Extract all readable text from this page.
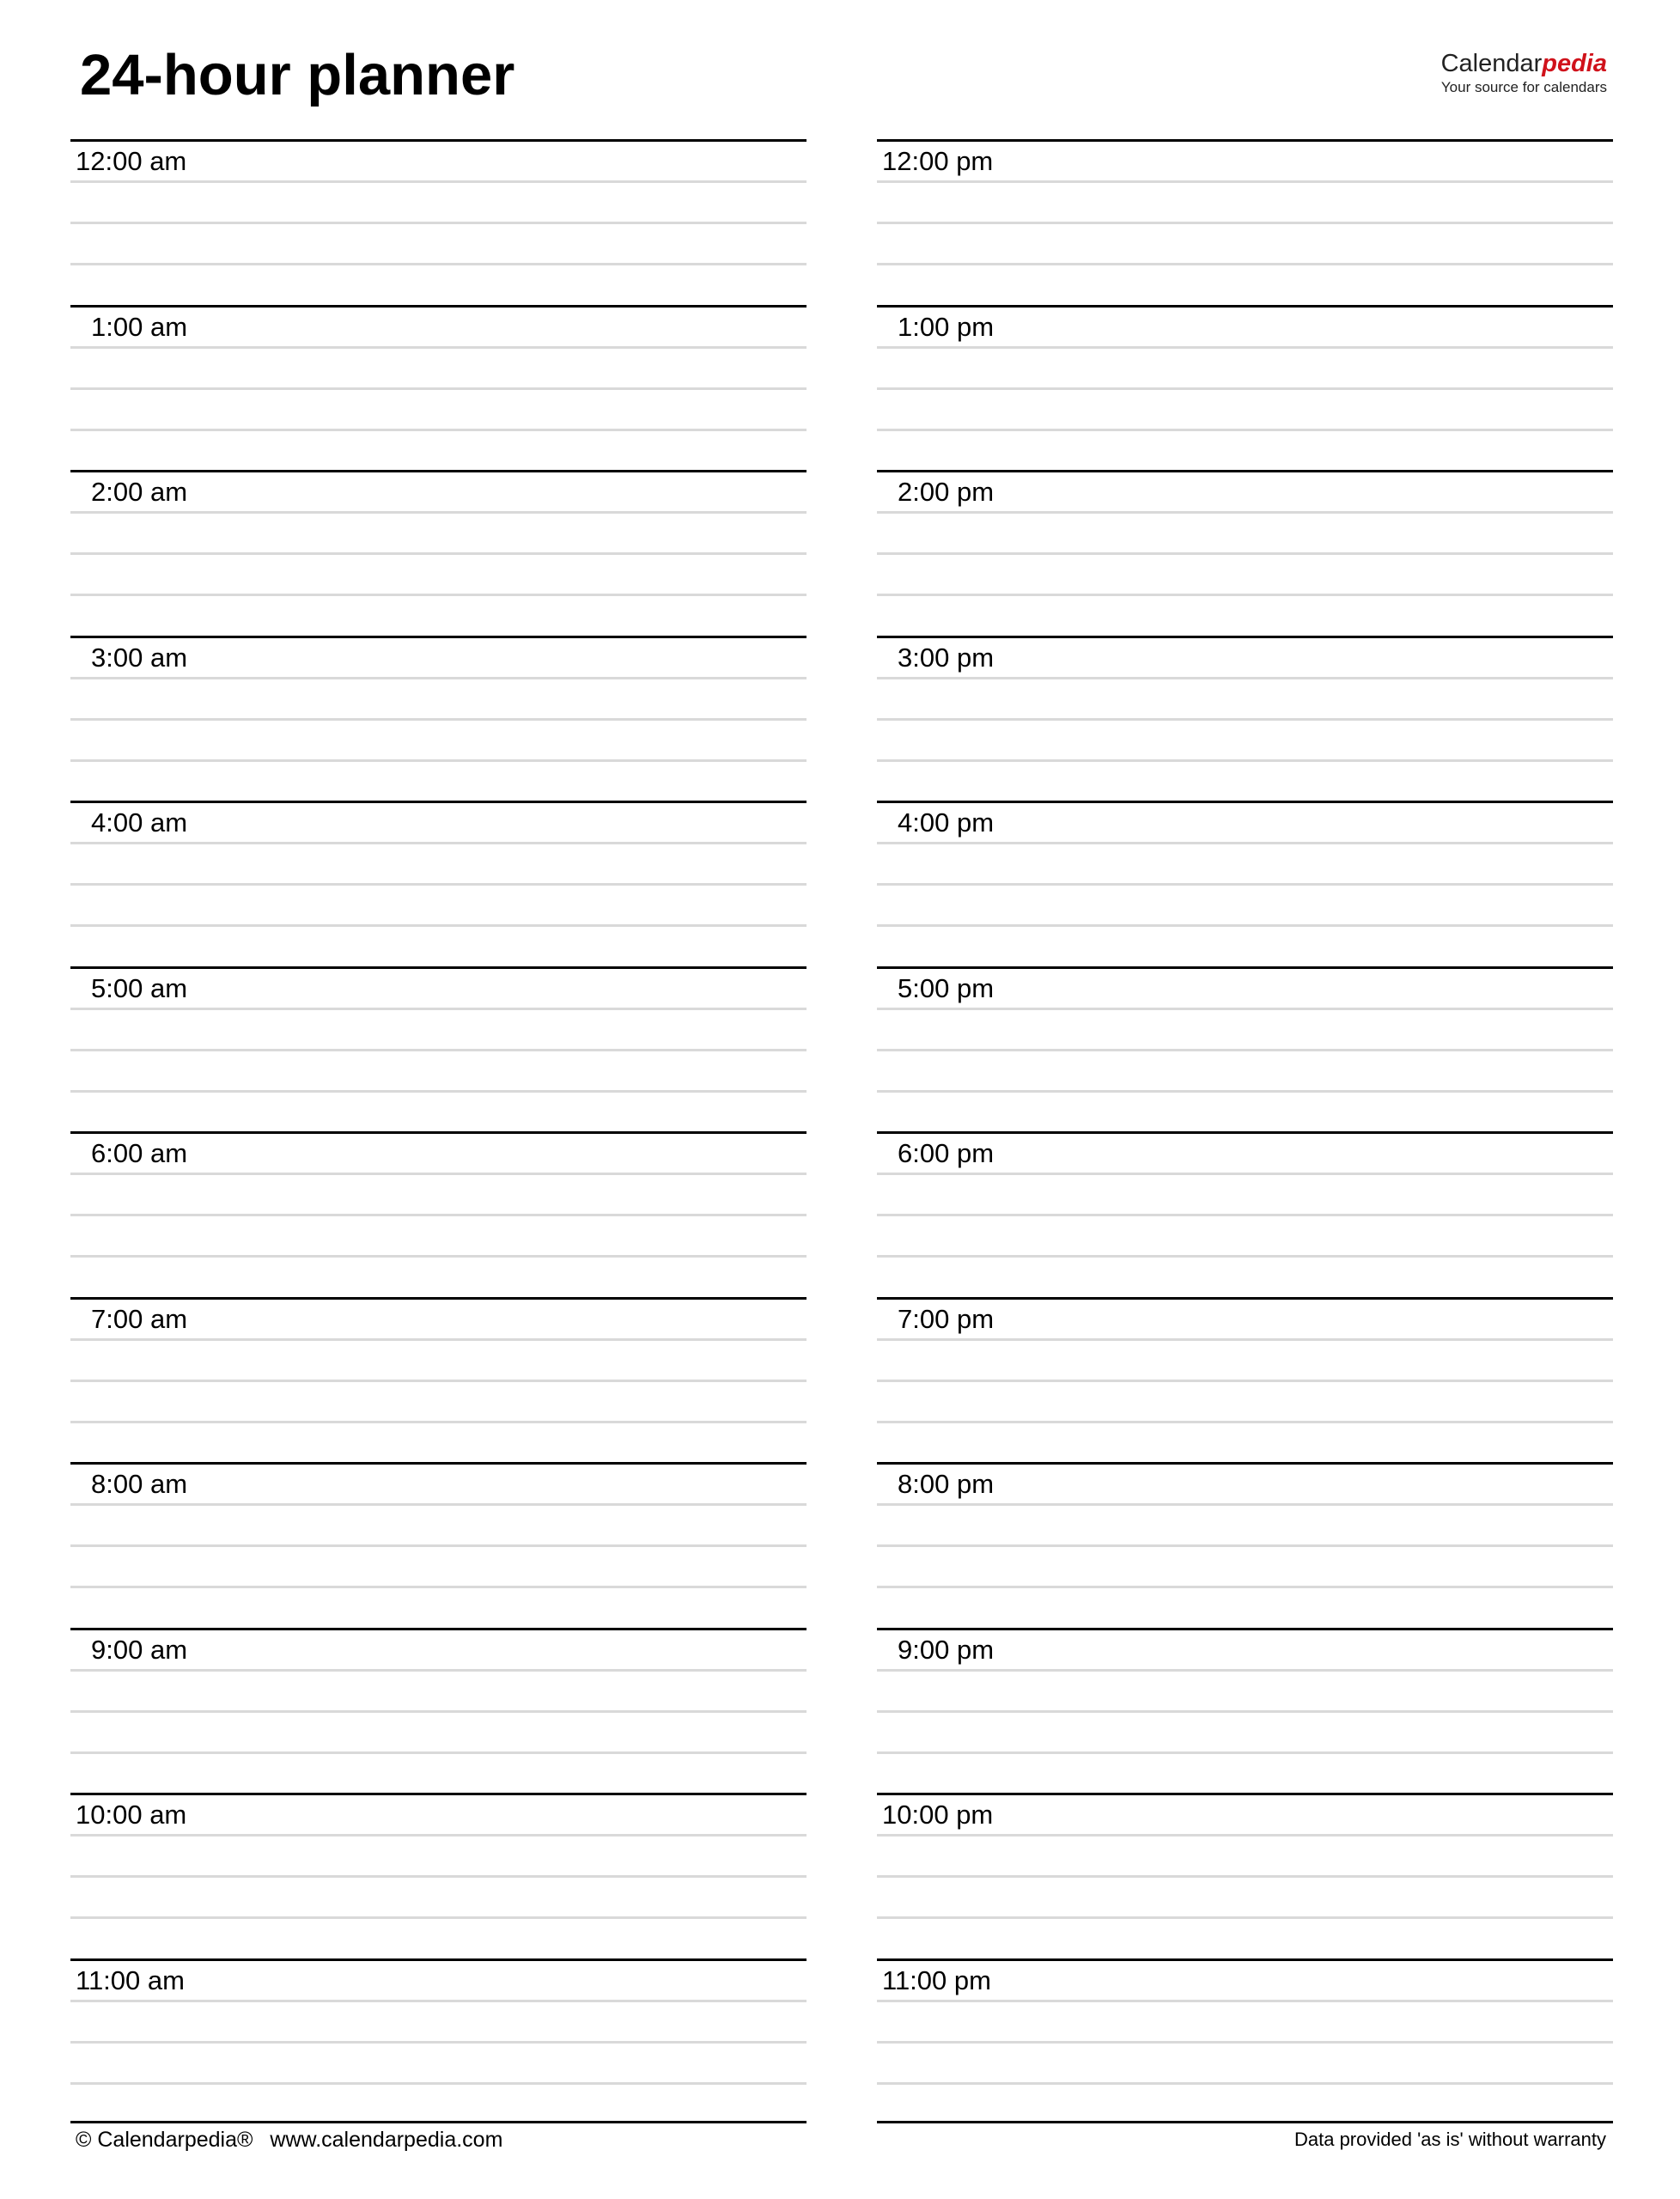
24-hour planner	Calendarpedia
Your source for calendars
12:00 am
1:00 am
2:00 am
3:00 am
4:00 am
5:00 am
6:00 am
7:00 am
8:00 am
9:00 am
10:00 am
11:00 am
12:00 pm
1:00 pm
2:00 pm
3:00 pm
4:00 pm
5:00 pm
6:00 pm
7:00 pm
8:00 pm
9:00 pm
10:00 pm
11:00 pm
© Calendarpedia® www.calendarpedia.com	Data provided 'as is' without warranty
